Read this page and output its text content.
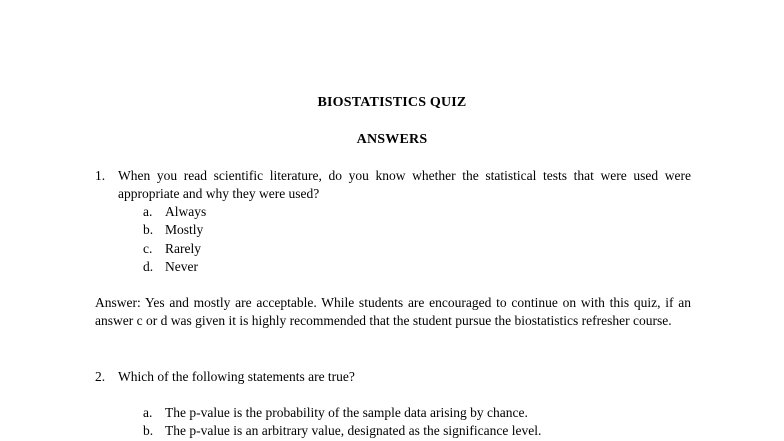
BIOSTATISTICS QUIZ
ANSWERS
1. When you read scientific literature, do you know whether the statistical tests that were used were appropriate and why they were used?
a. Always
b. Mostly
c. Rarely
d. Never
Answer: Yes and mostly are acceptable. While students are encouraged to continue on with this quiz, if an answer c or d was given it is highly recommended that the student pursue the biostatistics refresher course.
2. Which of the following statements are true?
a. The p-value is the probability of the sample data arising by chance.
b. The p-value is an arbitrary value, designated as the significance level.
